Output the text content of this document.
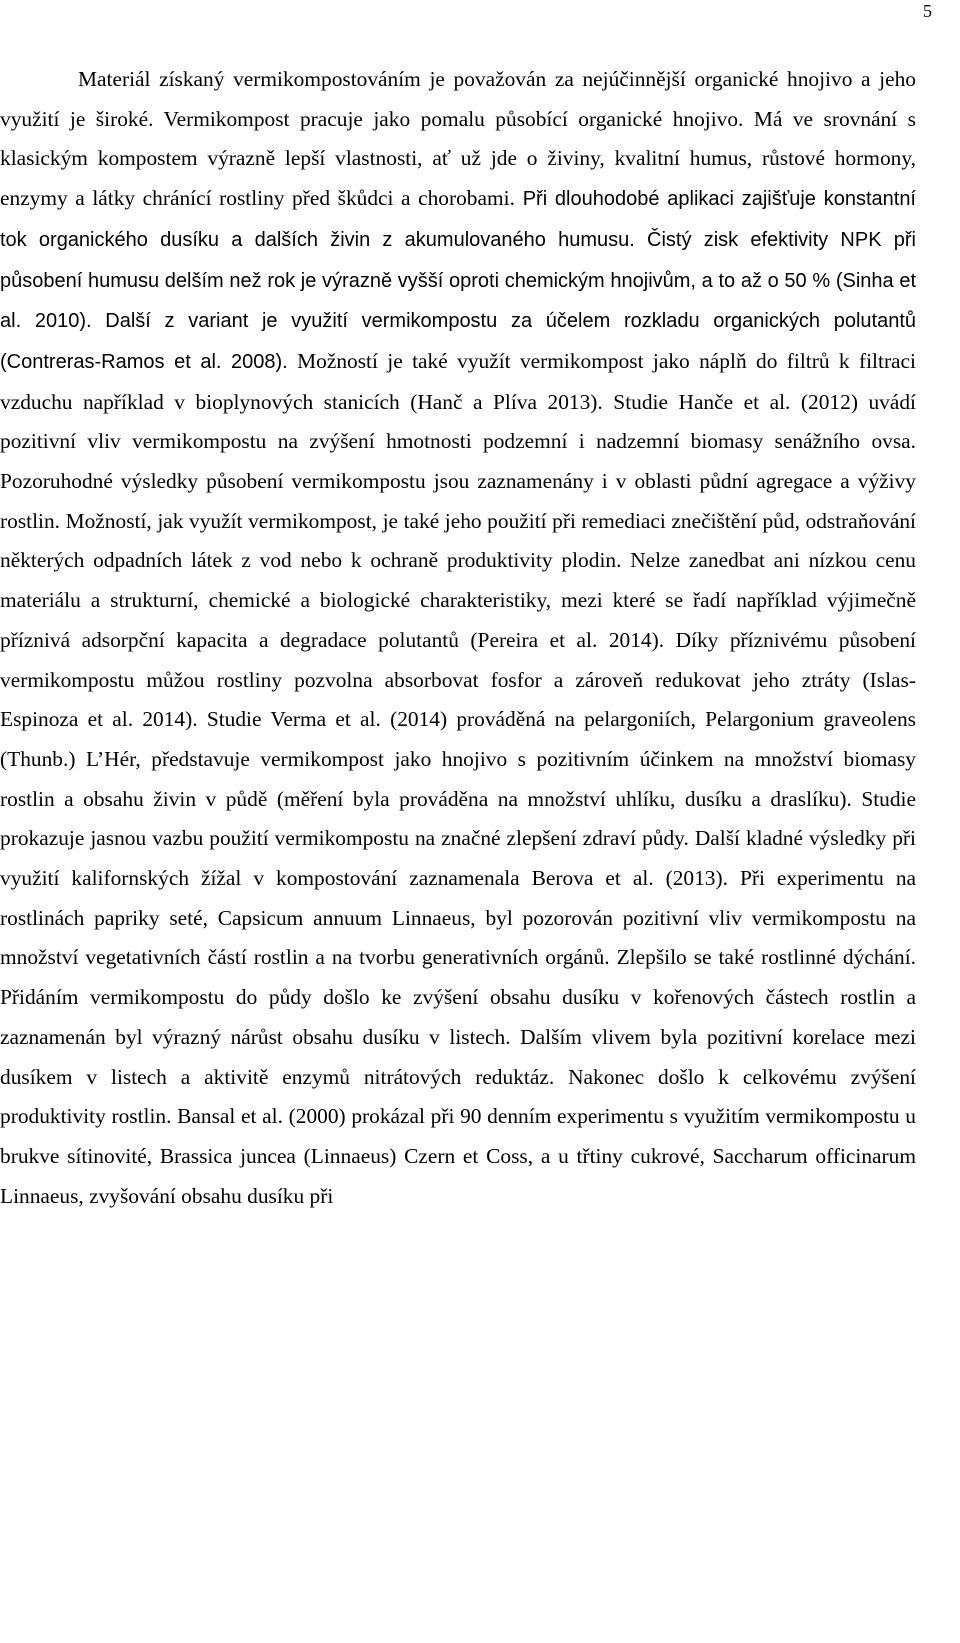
5

Materiál získaný vermikompostováním je považován za nejúčinnější organické hnojivo a jeho využití je široké. Vermikompost pracuje jako pomalu působící organické hnojivo. Má ve srovnání s klasickým kompostem výrazně lepší vlastnosti, ať už jde o živiny, kvalitní humus, růstové hormony, enzymy a látky chránící rostliny před škůdci a chorobami. Při dlouhodobé aplikaci zajišťuje konstantní tok organického dusíku a dalších živin z akumulovaného humusu. Čistý zisk efektivity NPK při působení humusu delším než rok je výrazně vyšší oproti chemickým hnojivům, a to až o 50 % (Sinha et al. 2010). Další z variant je využití vermikompostu za účelem rozkladu organických polutantů (Contreras-Ramos et al. 2008). Možností je také využít vermikompost jako náplň do filtrů k filtraci vzduchu například v bioplynových stanicích (Hanč a Plíva 2013). Studie Hanče et al. (2012) uvádí pozitivní vliv vermikompostu na zvýšení hmotnosti podzemní i nadzemní biomasy senážního ovsa. Pozoruhodné výsledky působení vermikompostu jsou zaznamenány i v oblasti půdní agregace a výživy rostlin. Možností, jak využít vermikompost, je také jeho použití při remediaci znečištění půd, odstraňování některých odpadních látek z vod nebo k ochraně produktivity plodin. Nelze zanedbat ani nízkou cenu materiálu a strukturní, chemické a biologické charakteristiky, mezi které se řadí například výjimečně příznivá adsorpční kapacita a degradace polutantů (Pereira et al. 2014). Díky příznivému působení vermikompostu můžou rostliny pozvolna absorbovat fosfor a zároveň redukovat jeho ztráty (Islas-Espinoza et al. 2014). Studie Verma et al. (2014) prováděná na pelargoniích, Pelargonium graveolens (Thunb.) L’Hér, představuje vermikompost jako hnojivo s pozitivním účinkem na množství biomasy rostlin a obsahu živin v půdě (měření byla prováděna na množství uhlíku, dusíku a draslíku). Studie prokazuje jasnou vazbu použití vermikompostu na značné zlepšení zdraví půdy. Další kladné výsledky při využití kalifornských žížal v kompostování zaznamenala Berova et al. (2013). Při experimentu na rostlinách papriky seté, Capsicum annuum Linnaeus, byl pozorován pozitivní vliv vermikompostu na množství vegetativních částí rostlin a na tvorbu generativních orgánů. Zlepšilo se také rostlinné dýchání. Přidáním vermikompostu do půdy došlo ke zvýšení obsahu dusíku v kořenových částech rostlin a zaznamenán byl výrazný nárůst obsahu dusíku v listech. Dalším vlivem byla pozitivní korelace mezi dusíkem v listech a aktivitě enzymů nitrátových reduktáz. Nakonec došlo k celkovému zvýšení produktivity rostlin. Bansal et al. (2000) prokázal při 90 denním experimentu s využitím vermikompostu u brukve sítinovité, Brassica juncea (Linnaeus) Czern et Coss, a u třtiny cukrové, Saccharum officinarum Linnaeus, zvyšování obsahu dusíku při
